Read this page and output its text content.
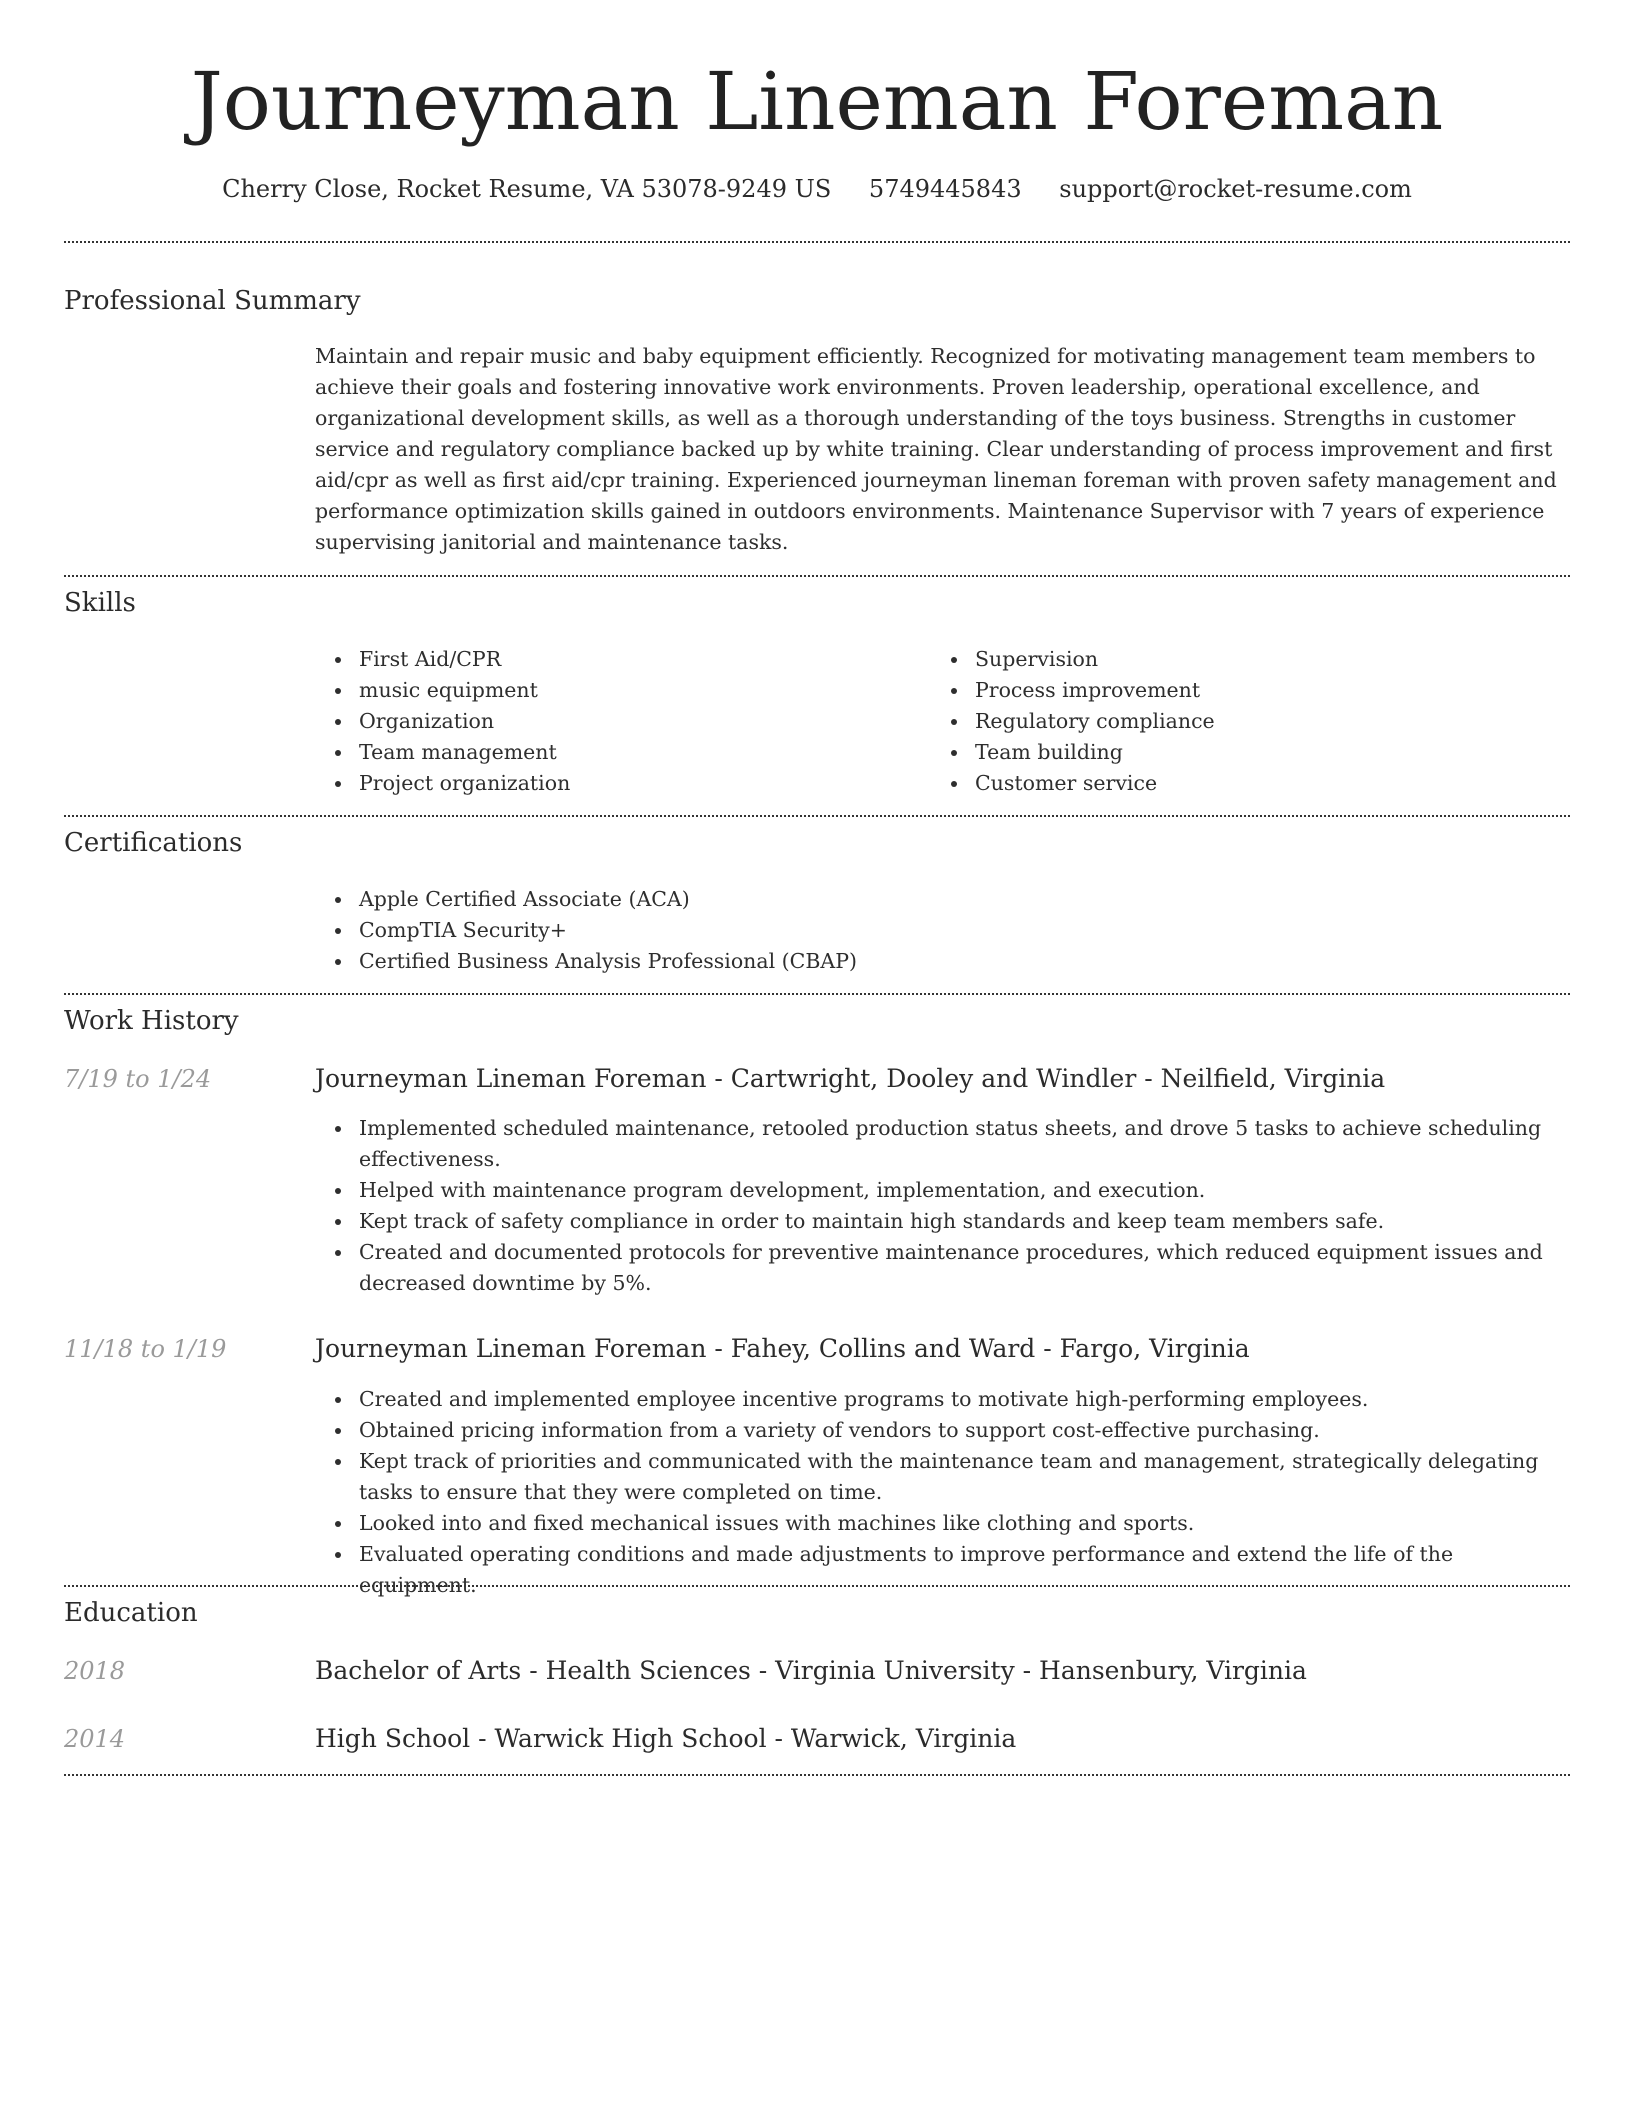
Journeyman Lineman Foreman
Cherry Close, Rocket Resume, VA 53078-9249 US 5749445843 support@rocket-resume.com
Professional Summary
Maintain and repair music and baby equipment efficiently. Recognized for motivating management team members to achieve their goals and fostering innovative work environments. Proven leadership, operational excellence, and organizational development skills, as well as a thorough understanding of the toys business. Strengths in customer service and regulatory compliance backed up by white training. Clear understanding of process improvement and first aid/cpr as well as first aid/cpr training. Experienced journeyman lineman foreman with proven safety management and performance optimization skills gained in outdoors environments. Maintenance Supervisor with 7 years of experience supervising janitorial and maintenance tasks.
Skills
First Aid/CPR
music equipment
Organization
Team management
Project organization
Supervision
Process improvement
Regulatory compliance
Team building
Customer service
Certifications
Apple Certified Associate (ACA)
CompTIA Security+
Certified Business Analysis Professional (CBAP)
Work History
7/19 to 1/24	Journeyman Lineman Foreman - Cartwright, Dooley and Windler - Neilfield, Virginia
Implemented scheduled maintenance, retooled production status sheets, and drove 5 tasks to achieve scheduling effectiveness.
Helped with maintenance program development, implementation, and execution.
Kept track of safety compliance in order to maintain high standards and keep team members safe.
Created and documented protocols for preventive maintenance procedures, which reduced equipment issues and decreased downtime by 5%.
11/18 to 1/19	Journeyman Lineman Foreman - Fahey, Collins and Ward - Fargo, Virginia
Created and implemented employee incentive programs to motivate high-performing employees.
Obtained pricing information from a variety of vendors to support cost-effective purchasing.
Kept track of priorities and communicated with the maintenance team and management, strategically delegating tasks to ensure that they were completed on time.
Looked into and fixed mechanical issues with machines like clothing and sports.
Evaluated operating conditions and made adjustments to improve performance and extend the life of the equipment.
Education
2018	Bachelor of Arts - Health Sciences - Virginia University - Hansenbury, Virginia
2014	High School - Warwick High School - Warwick, Virginia
